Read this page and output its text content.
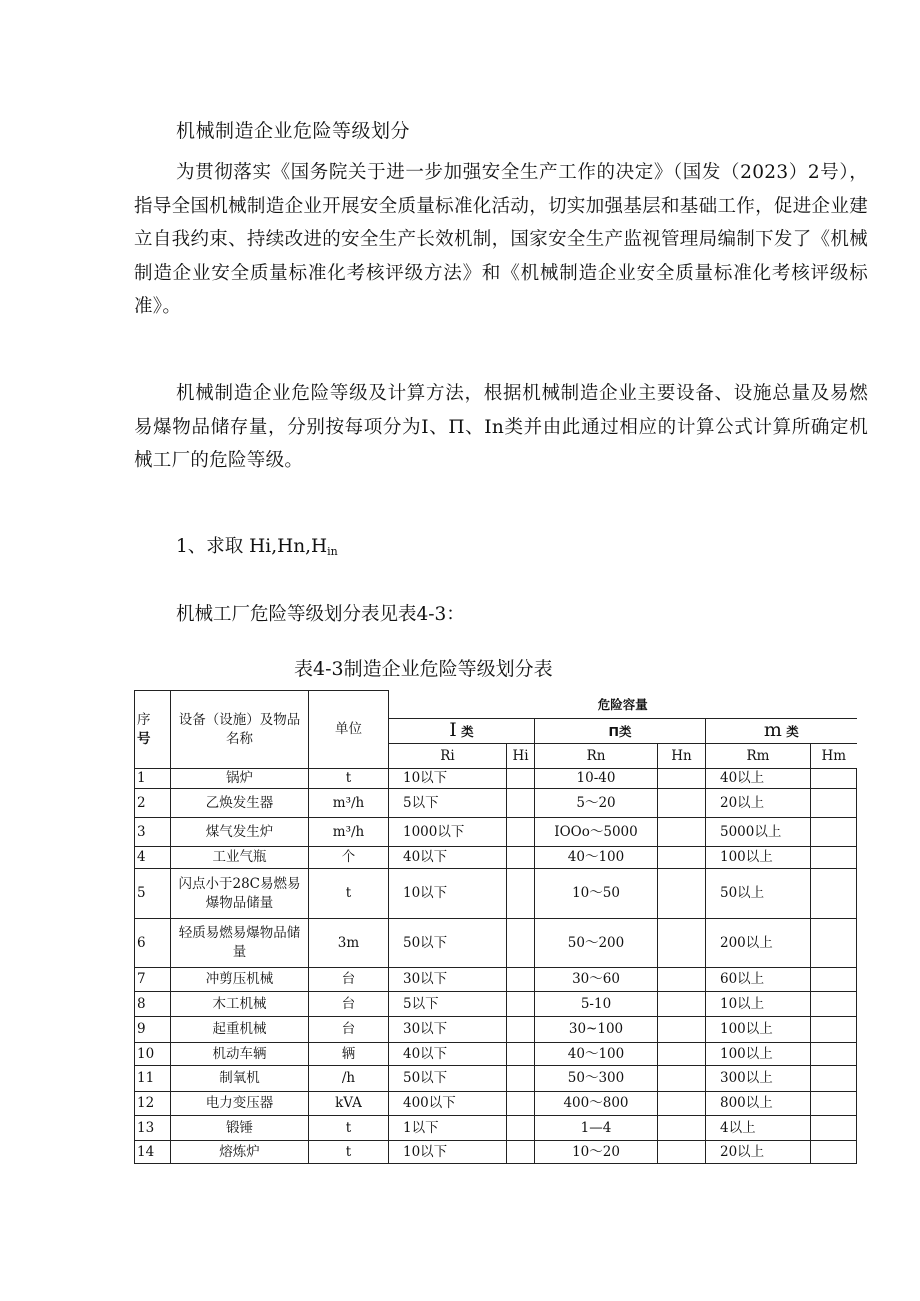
机械制造企业危险等级划分
为贯彻落实《国务院关于进一步加强安全生产工作的决定》（国发（2023）2号），指导全国机械制造企业开展安全质量标准化活动，切实加强基层和基础工作，促进企业建立自我约束、持续改进的安全生产长效机制，国家安全生产监视管理局编制下发了《机械制造企业安全质量标准化考核评级方法》和《机械制造企业安全质量标准化考核评级标准》。
机械制造企业危险等级及计算方法，根据机械制造企业主要设备、设施总量及易燃易爆物品储存量，分别按每项分为I、П、In类并由此通过相应的计算公式计算所确定机械工厂的危险等级。
1、求取 $Hi,Hn,H_{in}$
机械工厂危险等级划分表见表4-3：
表4-3制造企业危险等级划分表
序
号	设备（设施）及物品名称	单位	危险容量					
			I 类		П类		m 类	
			Ri	Hi	Rn	Hn	Rm	Hm
1	锅炉	t	10以下		10-40		40以上	
2	乙焕发生器	m³∕h	5以下		5～20		20以上	
3	煤气发生炉	m³∕h	1000以下		IOOo～5000		5000以上	
4	工业气瓶	个	40以下		40～100		100以上	
5	闪点小于28C易燃易爆物品储量	t	10以下		10～50		50以上	
6	轻质易燃易爆物品储量	3m	50以下		50～200		200以上	
7	冲剪压机械	台	30以下		30～60		60以上	
8	木工机械	台	5以下		5-10		10以上	
9	起重机械	台	30以下		30~100		100以上	
10	机动车辆	辆	40以下		40～100		100以上	
11	制氧机	/h	50以下		50～300		300以上	
12	电力变压器	kVA	400以下		400～800		800以上	
13	锻锤	t	1以下		1—4		4以上	
14	熔炼炉	t	10以下		10～20		20以上	
